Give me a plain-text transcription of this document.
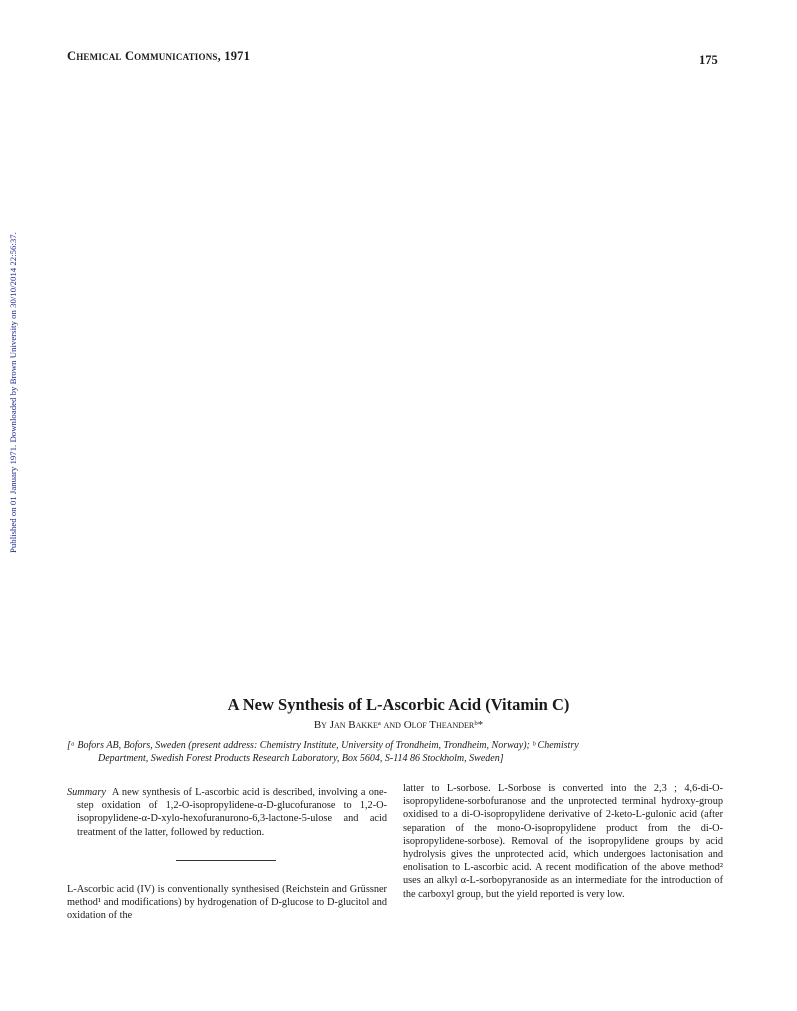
Chemical Communications, 1971	175
Published on 01 January 1971. Downloaded by Brown University on 30/10/2014 22:56:37.
A New Synthesis of L-Ascorbic Acid (Vitamin C)
By Jan Bakkeᵃ and Olof Theanderᵇ*
[ᵃ Bofors AB, Bofors, Sweden (present address: Chemistry Institute, University of Trondheim, Trondheim, Norway); ᵇ Chemistry
Department, Swedish Forest Products Research Laboratory, Box 5604, S-114 86 Stockholm, Sweden]

Summary A new synthesis of L-ascorbic acid is described, involving a one-step oxidation of 1,2-O-isopropylidene-α-D-glucofuranose to 1,2-O-isopropylidene-α-D-xylo-hexofuranurono-6,3-lactone-5-ulose and acid treatment of the latter, followed by reduction.

L-Ascorbic acid (IV) is conventionally synthesised (Reichstein and Grüssner method¹ and modifications) by hydrogenation of D-glucose to D-glucitol and oxidation of the
latter to L-sorbose. L-Sorbose is converted into the 2,3 ; 4,6-di-O-isopropylidene-sorbofuranose and the unprotected terminal hydroxy-group oxidised to a di-O-isopropylidene derivative of 2-keto-L-gulonic acid (after separation of the mono-O-isopropylidene product from the di-O-isopropylidene-sorbose). Removal of the isopropylidene groups by acid hydrolysis gives the unprotected acid, which undergoes lactonisation and enolisation to L-ascorbic acid. A recent modification of the above method² uses an alkyl α-L-sorbopyranoside as an intermediate for the introduction of the carboxyl group, but the yield reported is very low.
